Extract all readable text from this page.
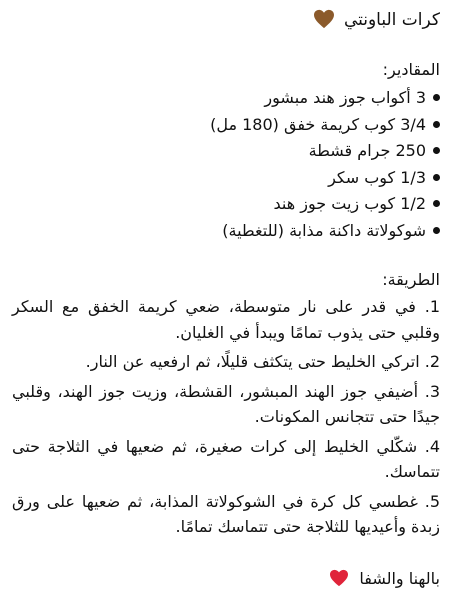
كرات الباونتي
المقادير:
3 أكواب جوز هند مبشور
3/4 كوب كريمة خفق (180 مل)
250 جرام قشطة
1/3 كوب سكر
1/2 كوب زيت جوز هند
شوكولاتة داكنة مذابة (للتغطية)
الطريقة:
1. في قدر على نار متوسطة، ضعي كريمة الخفق مع السكر وقلبي حتى يذوب تمامًا ويبدأ في الغليان.
2. اتركي الخليط حتى يتكثف قليلًا، ثم ارفعيه عن النار.
3. أضيفي جوز الهند المبشور، القشطة، وزيت جوز الهند، وقلبي جيدًا حتى تتجانس المكونات.
4. شكّلي الخليط إلى كرات صغيرة، ثم ضعيها في الثلاجة حتى تتماسك.
5. غطسي كل كرة في الشوكولاتة المذابة، ثم ضعيها على ورق زبدة وأعيديها للثلاجة حتى تتماسك تمامًا.
بالهنا والشفا
